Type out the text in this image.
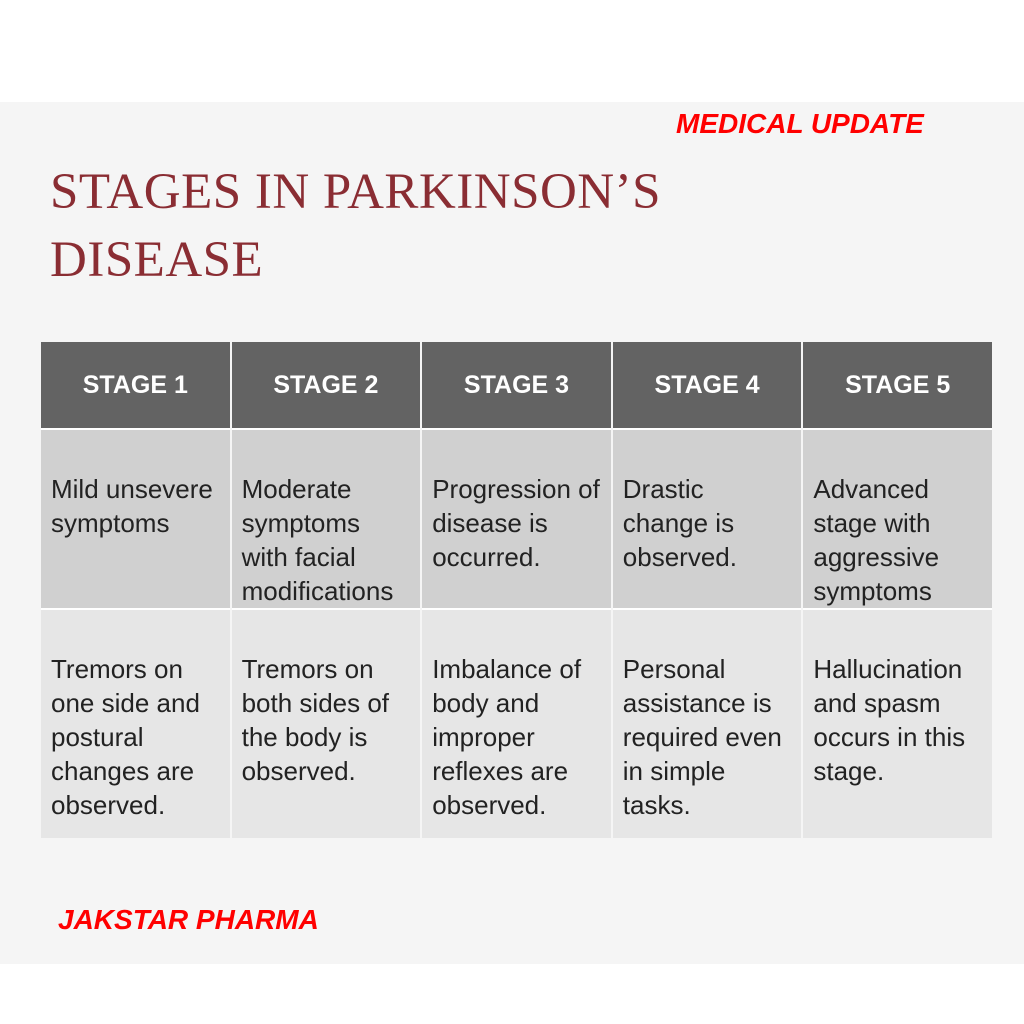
MEDICAL UPDATE
STAGES IN PARKINSON’S DISEASE
STAGE 1	STAGE 2	STAGE 3	STAGE 4	STAGE 5
Mild unsevere symptoms	Moderate symptoms with facial modifications	Progression of disease is occurred.	Drastic change is observed.	Advanced stage with aggressive symptoms
Tremors on one side and postural changes are observed.	Tremors on both sides of the body is observed.	Imbalance of body and improper reflexes are observed.	Personal assistance is required even in simple tasks.	Hallucination and spasm occurs in this stage.
JAKSTAR PHARMA
